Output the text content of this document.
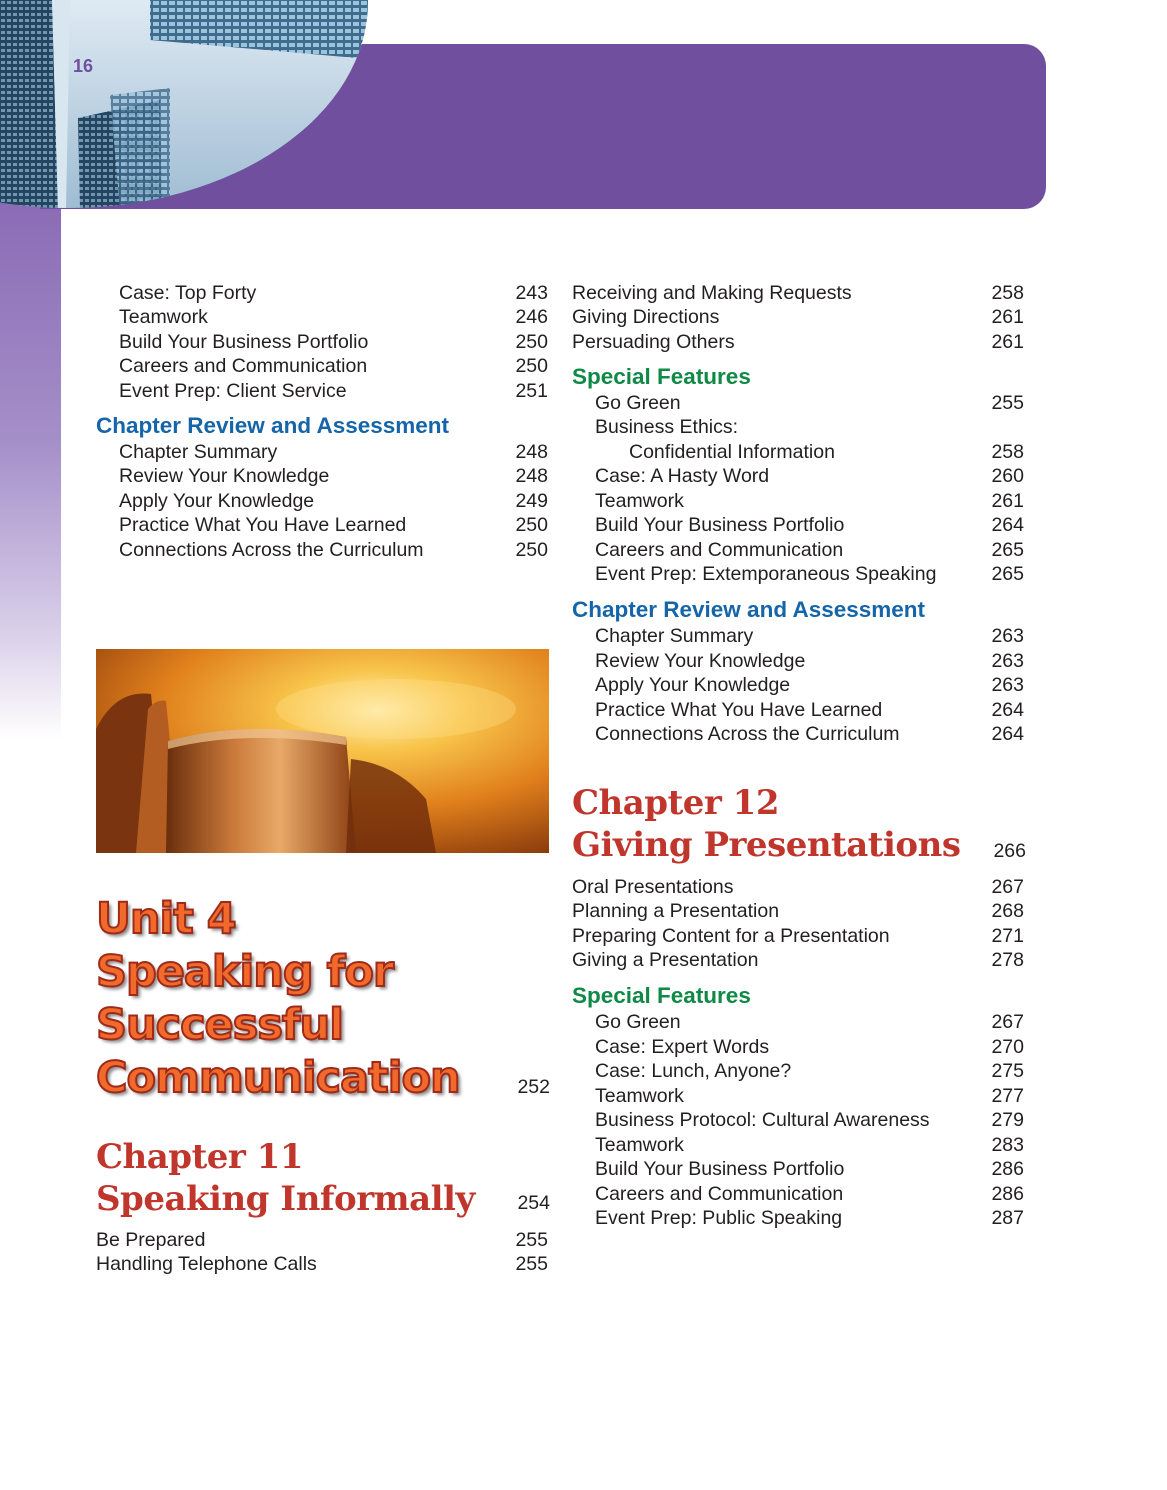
16
Case: Top Forty	243
Teamwork	246
Build Your Business Portfolio	250
Careers and Communication	250
Event Prep: Client Service	251
Chapter Review and Assessment
Chapter Summary	248
Review Your Knowledge	248
Apply Your Knowledge	249
Practice What You Have Learned	250
Connections Across the Curriculum	250
Unit 4
Speaking for
Successful
Communication	252
Chapter 11
Speaking Informally 254
Be Prepared	255
Handling Telephone Calls	255
Receiving and Making Requests	258
Giving Directions	261
Persuading Others	261
Special Features
Go Green	255
Business Ethics:
Confidential Information	258
Case: A Hasty Word	260
Teamwork	261
Build Your Business Portfolio	264
Careers and Communication	265
Event Prep: Extemporaneous Speaking	265
Chapter Review and Assessment
Chapter Summary	263
Review Your Knowledge	263
Apply Your Knowledge	263
Practice What You Have Learned	264
Connections Across the Curriculum	264
Chapter 12
Giving Presentations 266
Oral Presentations	267
Planning a Presentation	268
Preparing Content for a Presentation	271
Giving a Presentation	278
Special Features
Go Green	267
Case: Expert Words	270
Case: Lunch, Anyone?	275
Teamwork	277
Business Protocol: Cultural Awareness	279
Teamwork	283
Build Your Business Portfolio	286
Careers and Communication	286
Event Prep: Public Speaking	287
